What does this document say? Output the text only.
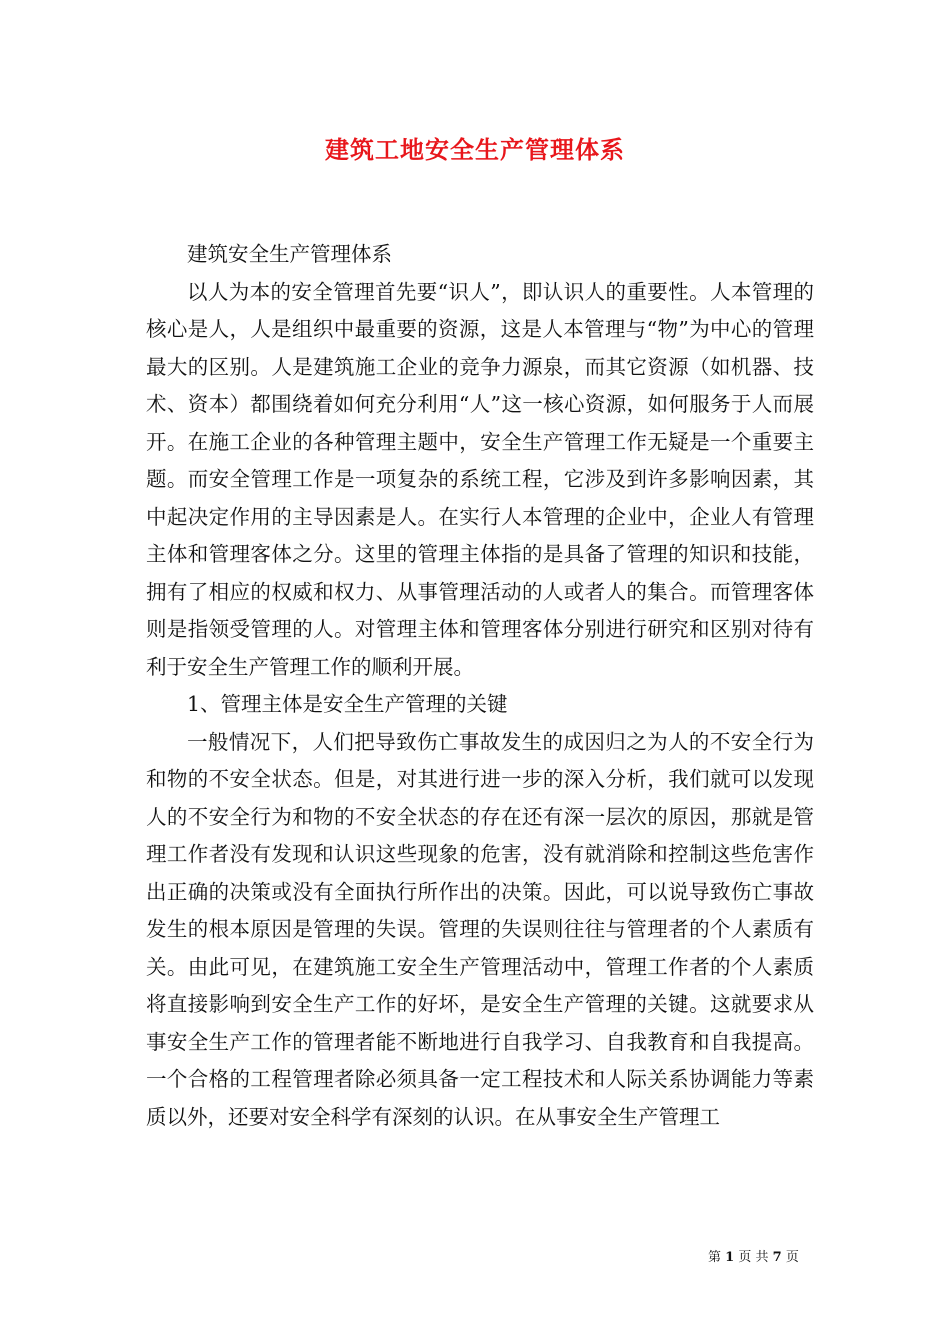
建筑工地安全生产管理体系

建筑安全生产管理体系

以人为本的安全管理首先要“识人”，即认识人的重要性。人本管理的核心是人，人是组织中最重要的资源，这是人本管理与“物”为中心的管理最大的区别。人是建筑施工企业的竞争力源泉，而其它资源（如机器、技术、资本）都围绕着如何充分利用“人”这一核心资源，如何服务于人而展开。在施工企业的各种管理主题中，安全生产管理工作无疑是一个重要主题。而安全管理工作是一项复杂的系统工程，它涉及到许多影响因素，其中起决定作用的主导因素是人。在实行人本管理的企业中，企业人有管理主体和管理客体之分。这里的管理主体指的是具备了管理的知识和技能，拥有了相应的权威和权力、从事管理活动的人或者人的集合。而管理客体则是指领受管理的人。对管理主体和管理客体分别进行研究和区别对待有利于安全生产管理工作的顺利开展。

1、管理主体是安全生产管理的关键

一般情况下，人们把导致伤亡事故发生的成因归之为人的不安全行为和物的不安全状态。但是，对其进行进一步的深入分析，我们就可以发现人的不安全行为和物的不安全状态的存在还有深一层次的原因，那就是管理工作者没有发现和认识这些现象的危害，没有就消除和控制这些危害作出正确的决策或没有全面执行所作出的决策。因此，可以说导致伤亡事故发生的根本原因是管理的失误。管理的失误则往往与管理者的个人素质有关。由此可见，在建筑施工安全生产管理活动中，管理工作者的个人素质将直接影响到安全生产工作的好坏，是安全生产管理的关键。这就要求从事安全生产工作的管理者能不断地进行自我学习、自我教育和自我提高。一个合格的工程管理者除必须具备一定工程技术和人际关系协调能力等素质以外，还要对安全科学有深刻的认识。在从事安全生产管理工

第 1 页 共 7 页
